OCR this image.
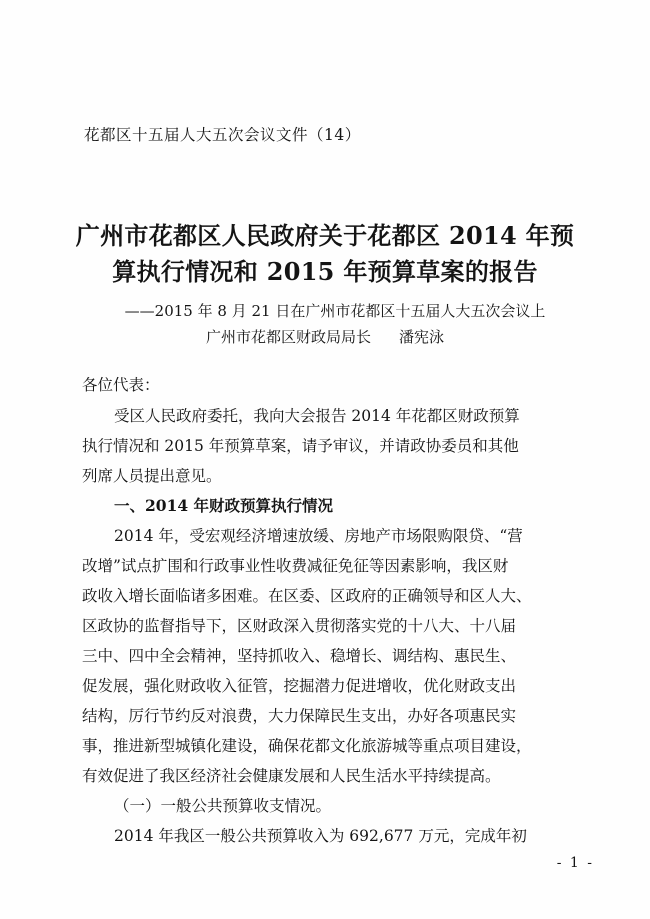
花都区十五届人大五次会议文件（14）
广州市花都区人民政府关于花都区 2014 年预
算执行情况和 2015 年预算草案的报告
——2015 年 8 月 21 日在广州市花都区十五届人大五次会议上
广州市花都区财政局局长 潘宪泳
各位代表：
受区人民政府委托，我向大会报告 2014 年花都区财政预算
执行情况和 2015 年预算草案，请予审议，并请政协委员和其他
列席人员提出意见。
一、2014 年财政预算执行情况
2014 年，受宏观经济增速放缓、房地产市场限购限贷、“营
改增”试点扩围和行政事业性收费减征免征等因素影响，我区财
政收入增长面临诸多困难。在区委、区政府的正确领导和区人大、
区政协的监督指导下，区财政深入贯彻落实党的十八大、十八届
三中、四中全会精神，坚持抓收入、稳增长、调结构、惠民生、
促发展，强化财政收入征管，挖掘潜力促进增收，优化财政支出
结构，厉行节约反对浪费，大力保障民生支出，办好各项惠民实
事，推进新型城镇化建设，确保花都文化旅游城等重点项目建设，
有效促进了我区经济社会健康发展和人民生活水平持续提高。
（一）一般公共预算收支情况。
2014 年我区一般公共预算收入为 692,677 万元，完成年初
- 1 -
